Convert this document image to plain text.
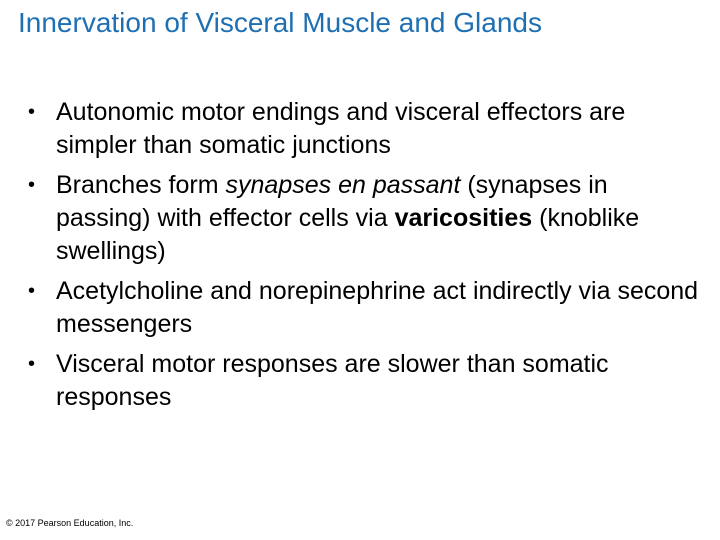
Innervation of Visceral Muscle and Glands
• Autonomic motor endings and visceral effectors are simpler than somatic junctions
• Branches form synapses en passant (synapses in passing) with effector cells via varicosities (knoblike swellings)
• Acetylcholine and norepinephrine act indirectly via second messengers
• Visceral motor responses are slower than somatic responses
© 2017 Pearson Education, Inc.
